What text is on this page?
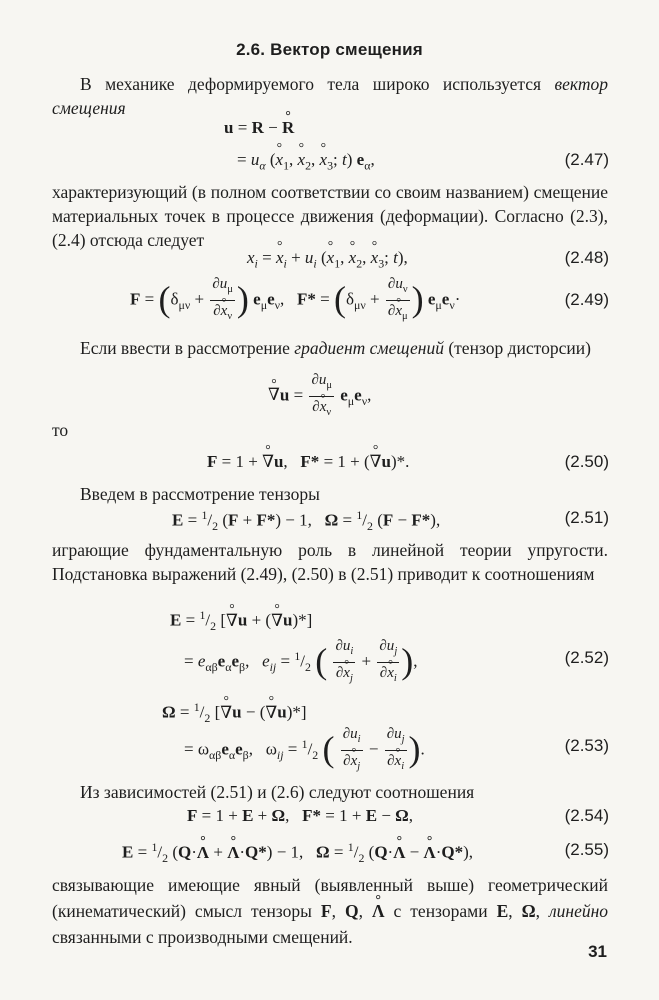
2.6. Вектор смещения
В механике деформируемого тела широко используется вектор смещения
u = R − ° R
= $u_\alpha$ (° $x_1$, ° $x_2$, ° $x_3$; t) $e_\alpha$,	(2.47)
характеризующий (в полном соответствии со своим названием) смещение материальных точек в процессе движения (деформации). Согласно (2.3), (2.4) отсюда следует
$x_i$ = ° $x_i + u_i$ (° $x_1$, ° $x_2$, ° $x_3$; t),	(2.48)
$F = (\delta_{\mu\nu} + \frac{\partial u_\mu}{\partial^\circ x_\nu}$ ) $e_\mu e_\nu$,   $F* = (\delta_{\mu\nu} + \frac{\partial u_\nu}{\partial^\circ x_\mu}$ ) $e_\mu e_\nu\cdot$	(2.49)
Если ввести в рассмотрение градиент смещений (тензор дисторсии)
° $\nabla u = \frac{\partial u_\mu}{\partial^\circ x_\nu} e_\mu e_\nu$,
то
F = 1 + ° ∇u,   F* = 1 + (° ∇u)*.	(2.50)
Введем в рассмотрение тензоры
$E = ^1/_2$ (F + F*) − 1,   $\Omega = ^1/_2$ (F − F*),	(2.51)
играющие фундаментальную роль в линейной теории упругости. Подстановка выражений (2.49), (2.50) в (2.51) приводит к соотношениям
$E = ^1/_2$ [° ∇u + (° ∇u)*]
= $e_{\alpha\beta}e_\alpha e_\beta$,   $e_{ij} = ^1/_2$ ( $\frac{\partial u_i}{\partial^\circ x_j} + \frac{\partial u_j}{\partial^\circ x_i}$ ),	(2.52)
$\Omega = ^1/_2$ [° ∇u − (° ∇u)*]
= $\omega_{\alpha\beta}e_\alpha e_\beta$,   $\omega_{ij} = ^1/_2$ ( $\frac{\partial u_i}{\partial^\circ x_j} - \frac{\partial u_j}{\partial^\circ x_i}$ ).	(2.53)
Из зависимостей (2.51) и (2.6) следуют соотношения
F = 1 + E + Ω,   F* = 1 + E − Ω,	(2.54)
$E = ^1/_2$ (Q·° Λ + ° Λ·Q*) − 1,   $\Omega = ^1/_2$ (Q·° Λ − ° Λ·Q*),	(2.55)
связывающие имеющие явный (выявленный выше) геометрический (кинематический) смысл тензоры F, Q, ° Λ с тензорами E, Ω, линейно связанными с производными смещений.
31
